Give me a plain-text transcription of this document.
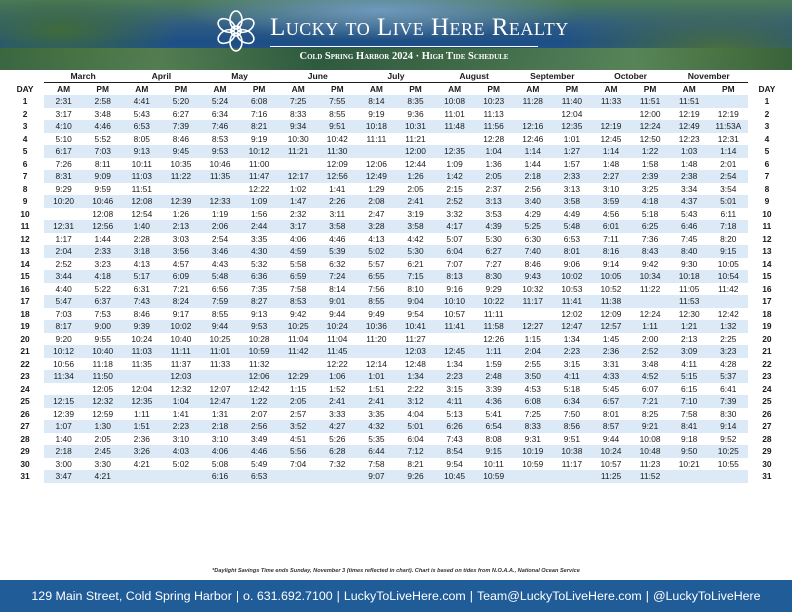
Lucky to Live Here Realty
Cold Spring Harbor 2024 · High Tide Schedule
	March		April		May		June		July		August		September		October		November		
DAY	AM	PM	AM	PM	AM	PM	AM	PM	AM	PM	AM	PM	AM	PM	AM	PM	AM	PM	DAY
1	2:31	2:58	4:41	5:20	5:24	6:08	7:25	7:55	8:14	8:35	10:08	10:23	11:28	11:40	11:33	11:51	11:51		1
2	3:17	3:48	5:43	6:27	6:34	7:16	8:33	8:55	9:19	9:36	11:01	11:13		12:04		12:00	12:19	12:19	2
3	4:10	4:46	6:53	7:39	7:46	8:21	9:34	9:51	10:18	10:31	11:48	11:56	12:16	12:35	12:19	12:24	12:49	11:53A	3
4	5:10	5:52	8:05	8:46	8:53	9:19	10:30	10:42	11:11	11:21		12:28	12:46	1:01	12:45	12:50	12:23	12:31	4
5	6:17	7:03	9:13	9:45	9:53	10:12	11:21	11:30		12:00	12:35	1:04	1:14	1:27	1:14	1:22	1:03	1:14	5
6	7:26	8:11	10:11	10:35	10:46	11:00		12:09	12:06	12:44	1:09	1:36	1:44	1:57	1:48	1:58	1:48	2:01	6
7	8:31	9:09	11:03	11:22	11:35	11:47	12:17	12:56	12:49	1:26	1:42	2:05	2:18	2:33	2:27	2:39	2:38	2:54	7
8	9:29	9:59	11:51			12:22	1:02	1:41	1:29	2:05	2:15	2:37	2:56	3:13	3:10	3:25	3:34	3:54	8
9	10:20	10:46	12:08	12:39	12:33	1:09	1:47	2:26	2:08	2:41	2:52	3:13	3:40	3:58	3:59	4:18	4:37	5:01	9
10		12:08	12:54	1:26	1:19	1:56	2:32	3:11	2:47	3:19	3:32	3:53	4:29	4:49	4:56	5:18	5:43	6:11	10
11	12:31	12:56	1:40	2:13	2:06	2:44	3:17	3:58	3:28	3:58	4:17	4:39	5:25	5:48	6:01	6:25	6:46	7:18	11
12	1:17	1:44	2:28	3:03	2:54	3:35	4:06	4:46	4:13	4:42	5:07	5:30	6:30	6:53	7:11	7:36	7:45	8:20	12
13	2:04	2:33	3:18	3:56	3:46	4:30	4:59	5:39	5:02	5:30	6:04	6:27	7:40	8:01	8:16	8:43	8:40	9:15	13
14	2:52	3:23	4:13	4:57	4:43	5:32	5:58	6:32	5:57	6:21	7:07	7:27	8:46	9:06	9:14	9:42	9:30	10:05	14
15	3:44	4:18	5:17	6:09	5:48	6:36	6:59	7:24	6:55	7:15	8:13	8:30	9:43	10:02	10:05	10:34	10:18	10:54	15
16	4:40	5:22	6:31	7:21	6:56	7:35	7:58	8:14	7:56	8:10	9:16	9:29	10:32	10:53	10:52	11:22	11:05	11:42	16
17	5:47	6:37	7:43	8:24	7:59	8:27	8:53	9:01	8:55	9:04	10:10	10:22	11:17	11:41	11:38		11:53		17
18	7:03	7:53	8:46	9:17	8:55	9:13	9:42	9:44	9:49	9:54	10:57	11:11		12:02	12:09	12:24	12:30	12:42	18
19	8:17	9:00	9:39	10:02	9:44	9:53	10:25	10:24	10:36	10:41	11:41	11:58	12:27	12:47	12:57	1:11	1:21	1:32	19
20	9:20	9:55	10:24	10:40	10:25	10:28	11:04	11:04	11:20	11:27		12:26	1:15	1:34	1:45	2:00	2:13	2:25	20
21	10:12	10:40	11:03	11:11	11:01	10:59	11:42	11:45		12:03	12:45	1:11	2:04	2:23	2:36	2:52	3:09	3:23	21
22	10:56	11:18	11:35	11:37	11:33	11:32		12:22	12:14	12:48	1:34	1:59	2:55	3:15	3:31	3:48	4:11	4:28	22
23	11:34	11:50		12:03		12:06	12:29	1:06	1:01	1:34	2:23	2:48	3:50	4:11	4:33	4:52	5:15	5:37	23
24		12:05	12:04	12:32	12:07	12:42	1:15	1:52	1:51	2:22	3:15	3:39	4:53	5:18	5:45	6:07	6:15	6:41	24
25	12:15	12:32	12:35	1:04	12:47	1:22	2:05	2:41	2:41	3:12	4:11	4:36	6:08	6:34	6:57	7:21	7:10	7:39	25
26	12:39	12:59	1:11	1:41	1:31	2:07	2:57	3:33	3:35	4:04	5:13	5:41	7:25	7:50	8:01	8:25	7:58	8:30	26
27	1:07	1:30	1:51	2:23	2:18	2:56	3:52	4:27	4:32	5:01	6:26	6:54	8:33	8:56	8:57	9:21	8:41	9:14	27
28	1:40	2:05	2:36	3:10	3:10	3:49	4:51	5:26	5:35	6:04	7:43	8:08	9:31	9:51	9:44	10:08	9:18	9:52	28
29	2:18	2:45	3:26	4:03	4:06	4:46	5:56	6:28	6:44	7:12	8:54	9:15	10:19	10:38	10:24	10:48	9:50	10:25	29
30	3:00	3:30	4:21	5:02	5:08	5:49	7:04	7:32	7:58	8:21	9:54	10:11	10:59	11:17	10:57	11:23	10:21	10:55	30
31	3:47	4:21			6:16	6:53			9:07	9:26	10:45	10:59			11:25	11:52			31
*Daylight Savings Time ends Sunday, November 3 (times reflected in chart). Chart is based on tides from N.O.A.A., National Ocean Service
129 Main Street, Cold Spring Harbor | o. 631.692.7100 | LuckyToLiveHere.com | Team@LuckyToLiveHere.com | @LuckyToLiveHere
